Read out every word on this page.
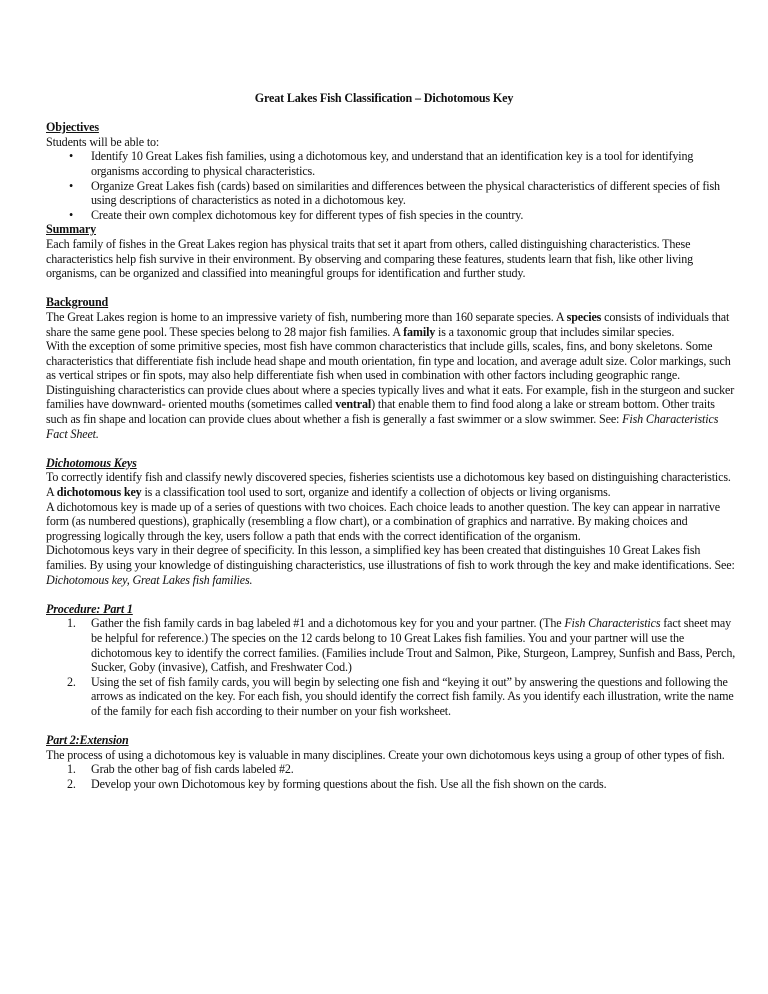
Great Lakes Fish Classification – Dichotomous Key

Objectives

Students will be able to:

• Identify 10 Great Lakes fish families, using a dichotomous key, and understand that an identification key is a tool for identifying organisms according to physical characteristics.
• Organize Great Lakes fish (cards) based on similarities and differences between the physical characteristics of different species of fish using descriptions of characteristics as noted in a dichotomous key.
• Create their own complex dichotomous key for different types of fish species in the country.

Summary

Each family of fishes in the Great Lakes region has physical traits that set it apart from others, called distinguishing characteristics. These characteristics help fish survive in their environment. By observing and comparing these features, students learn that fish, like other living organisms, can be organized and classified into meaningful groups for identification and further study.

Background

The Great Lakes region is home to an impressive variety of fish, numbering more than 160 separate species. A species consists of individuals that share the same gene pool. These species belong to 28 major fish families. A family is a taxonomic group that includes similar species.

With the exception of some primitive species, most fish have common characteristics that include gills, scales, fins, and bony skeletons. Some characteristics that differentiate fish include head shape and mouth orientation, fin type and location, and average adult size. Color markings, such as vertical stripes or fin spots, may also help differentiate fish when used in combination with other factors including geographic range.

Distinguishing characteristics can provide clues about where a species typically lives and what it eats. For example, fish in the sturgeon and sucker families have downward- oriented mouths (sometimes called ventral) that enable them to find food along a lake or stream bottom. Other traits such as fin shape and location can provide clues about whether a fish is generally a fast swimmer or a slow swimmer. See: Fish Characteristics Fact Sheet.

Dichotomous Keys

To correctly identify fish and classify newly discovered species, fisheries scientists use a dichotomous key based on distinguishing characteristics. A dichotomous key is a classification tool used to sort, organize and identify a collection of objects or living organisms.

A dichotomous key is made up of a series of questions with two choices. Each choice leads to another question. The key can appear in narrative form (as numbered questions), graphically (resembling a flow chart), or a combination of graphics and narrative. By making choices and progressing logically through the key, users follow a path that ends with the correct identification of the organism.

Dichotomous keys vary in their degree of specificity. In this lesson, a simplified key has been created that distinguishes 10 Great Lakes fish families. By using your knowledge of distinguishing characteristics, use illustrations of fish to work through the key and make identifications. See: Dichotomous key, Great Lakes fish families.

Procedure: Part 1

1. Gather the fish family cards in bag labeled #1 and a dichotomous key for you and your partner. (The Fish Characteristics fact sheet may be helpful for reference.) The species on the 12 cards belong to 10 Great Lakes fish families. You and your partner will use the dichotomous key to identify the correct families. (Families include Trout and Salmon, Pike, Sturgeon, Lamprey, Sunfish and Bass, Perch, Sucker, Goby (invasive), Catfish, and Freshwater Cod.)
2. Using the set of fish family cards, you will begin by selecting one fish and “keying it out” by answering the questions and following the arrows as indicated on the key. For each fish, you should identify the correct fish family. As you identify each illustration, write the name of the family for each fish according to their number on your fish worksheet.

Part 2:Extension

The process of using a dichotomous key is valuable in many disciplines. Create your own dichotomous keys using a group of other types of fish.

1. Grab the other bag of fish cards labeled #2.
2. Develop your own Dichotomous key by forming questions about the fish. Use all the fish shown on the cards.
